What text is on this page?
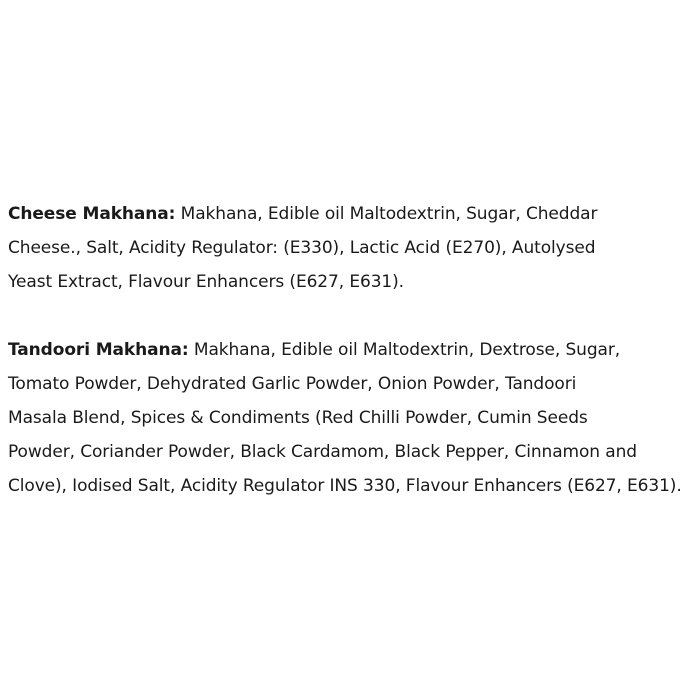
Cheese Makhana: Makhana, Edible oil Maltodextrin, Sugar, Cheddar
Cheese., Salt, Acidity Regulator: (E330), Lactic Acid (E270), Autolysed
Yeast Extract, Flavour Enhancers (E627, E631).

Tandoori Makhana: Makhana, Edible oil Maltodextrin, Dextrose, Sugar,
Tomato Powder, Dehydrated Garlic Powder, Onion Powder, Tandoori
Masala Blend, Spices & Condiments (Red Chilli Powder, Cumin Seeds
Powder, Coriander Powder, Black Cardamom, Black Pepper, Cinnamon and
Clove), Iodised Salt, Acidity Regulator INS 330, Flavour Enhancers (E627, E631).
